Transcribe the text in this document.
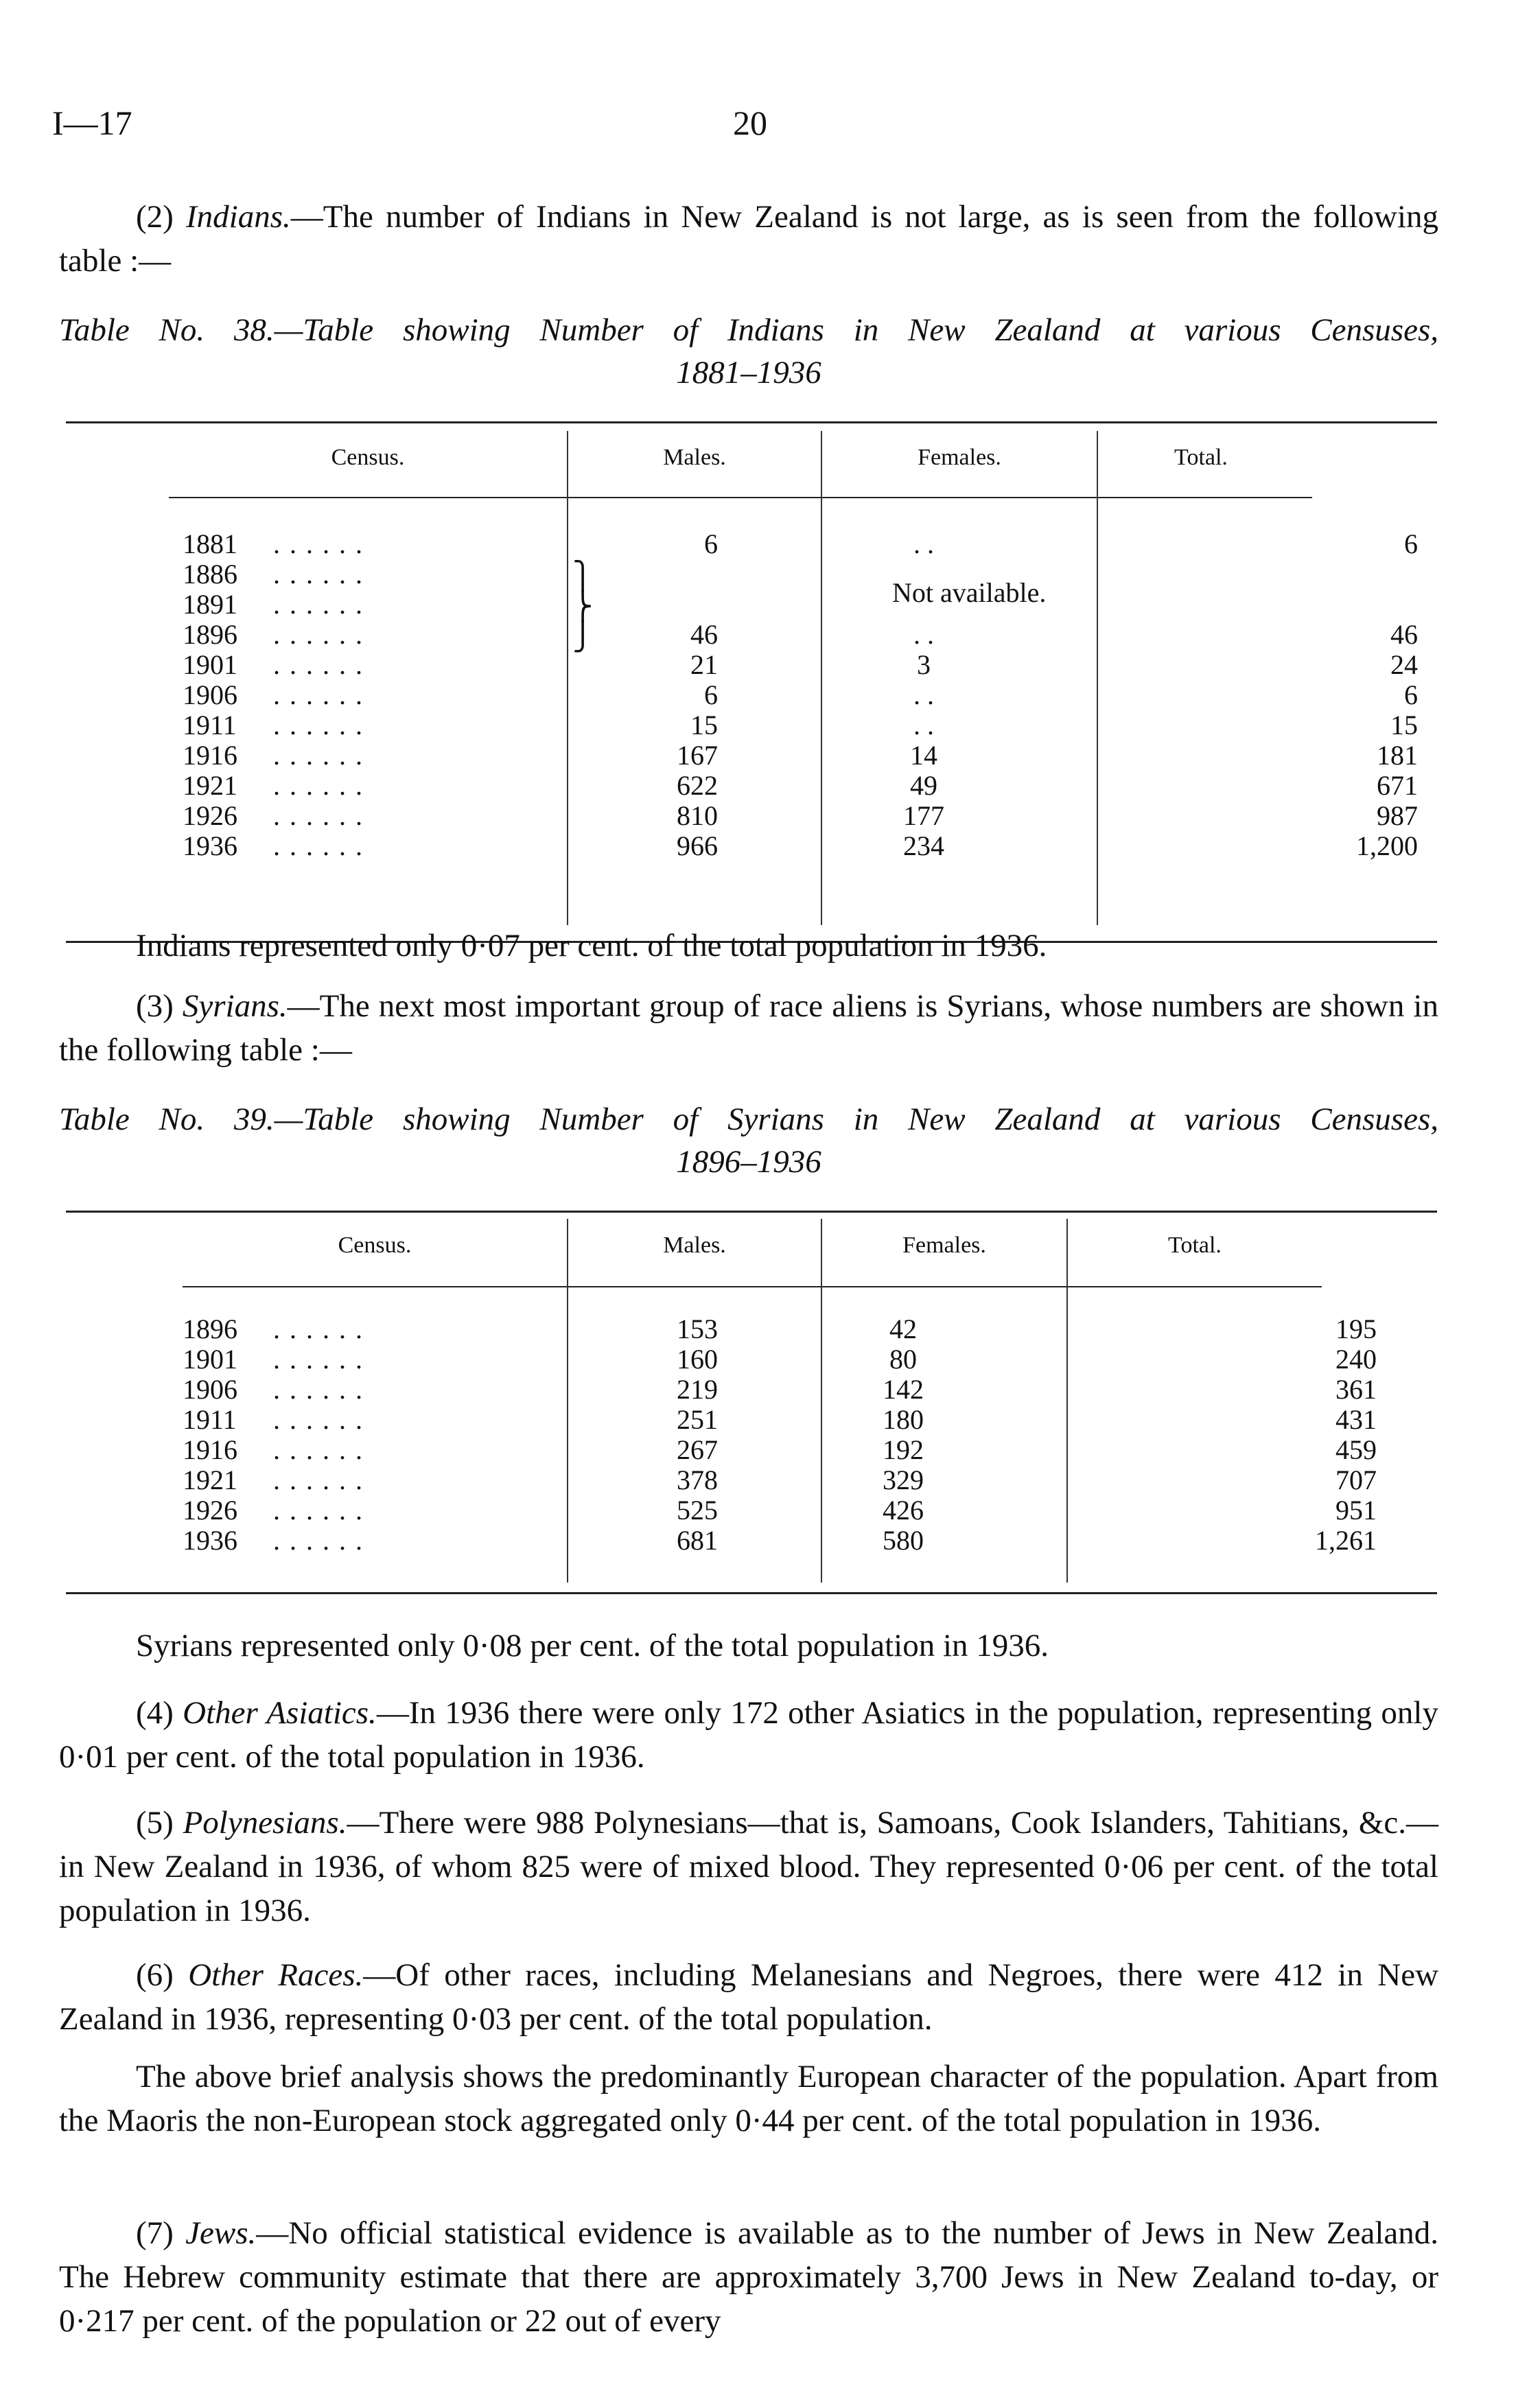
I—17	20
(2) Indians.—The number of Indians in New Zealand is not large, as is seen from the following table :—
Table No. 38.—Table showing Number of Indians in New Zealand at various Censuses,
1881–1936
Census.	Males.	Females.	Total.
1881 . . . . . .	6	. .	6
1886 . . . . . .
1891 . . . . . .
1896 . . . . . .	46	. .	46
1901 . . . . . .	21	3	24
1906 . . . . . .	6	. .	6
1911 . . . . . .	15	. .	15
1916 . . . . . .	167	14	181
1921 . . . . . .	622	49	671
1926 . . . . . .	810	177	987
1936 . . . . . .	966	234	1,200
⎫
⎬
⎭
Not available.
Indians represented only 0·07 per cent. of the total population in 1936.
(3) Syrians.—The next most important group of race aliens is Syrians, whose numbers are shown in the following table :—
Table No. 39.—Table showing Number of Syrians in New Zealand at various Censuses,
1896–1936
Census.	Males.	Females.	Total.
1896 . . . . . .	153	42	195
1901 . . . . . .	160	80	240
1906 . . . . . .	219	142	361
1911 . . . . . .	251	180	431
1916 . . . . . .	267	192	459
1921 . . . . . .	378	329	707
1926 . . . . . .	525	426	951
1936 . . . . . .	681	580	1,261
Syrians represented only 0·08 per cent. of the total population in 1936.
(4) Other Asiatics.—In 1936 there were only 172 other Asiatics in the population, representing only 0·01 per cent. of the total population in 1936.
(5) Polynesians.—There were 988 Polynesians—that is, Samoans, Cook Islanders, Tahitians, &c.—in New Zealand in 1936, of whom 825 were of mixed blood. They represented 0·06 per cent. of the total population in 1936.
(6) Other Races.—Of other races, including Melanesians and Negroes, there were 412 in New Zealand in 1936, representing 0·03 per cent. of the total population.
The above brief analysis shows the predominantly European character of the population. Apart from the Maoris the non-European stock aggregated only 0·44 per cent. of the total population in 1936.
(7) Jews.—No official statistical evidence is available as to the number of Jews in New Zealand. The Hebrew community estimate that there are approximately 3,700 Jews in New Zealand to-day, or 0·217 per cent. of the population or 22 out of every
